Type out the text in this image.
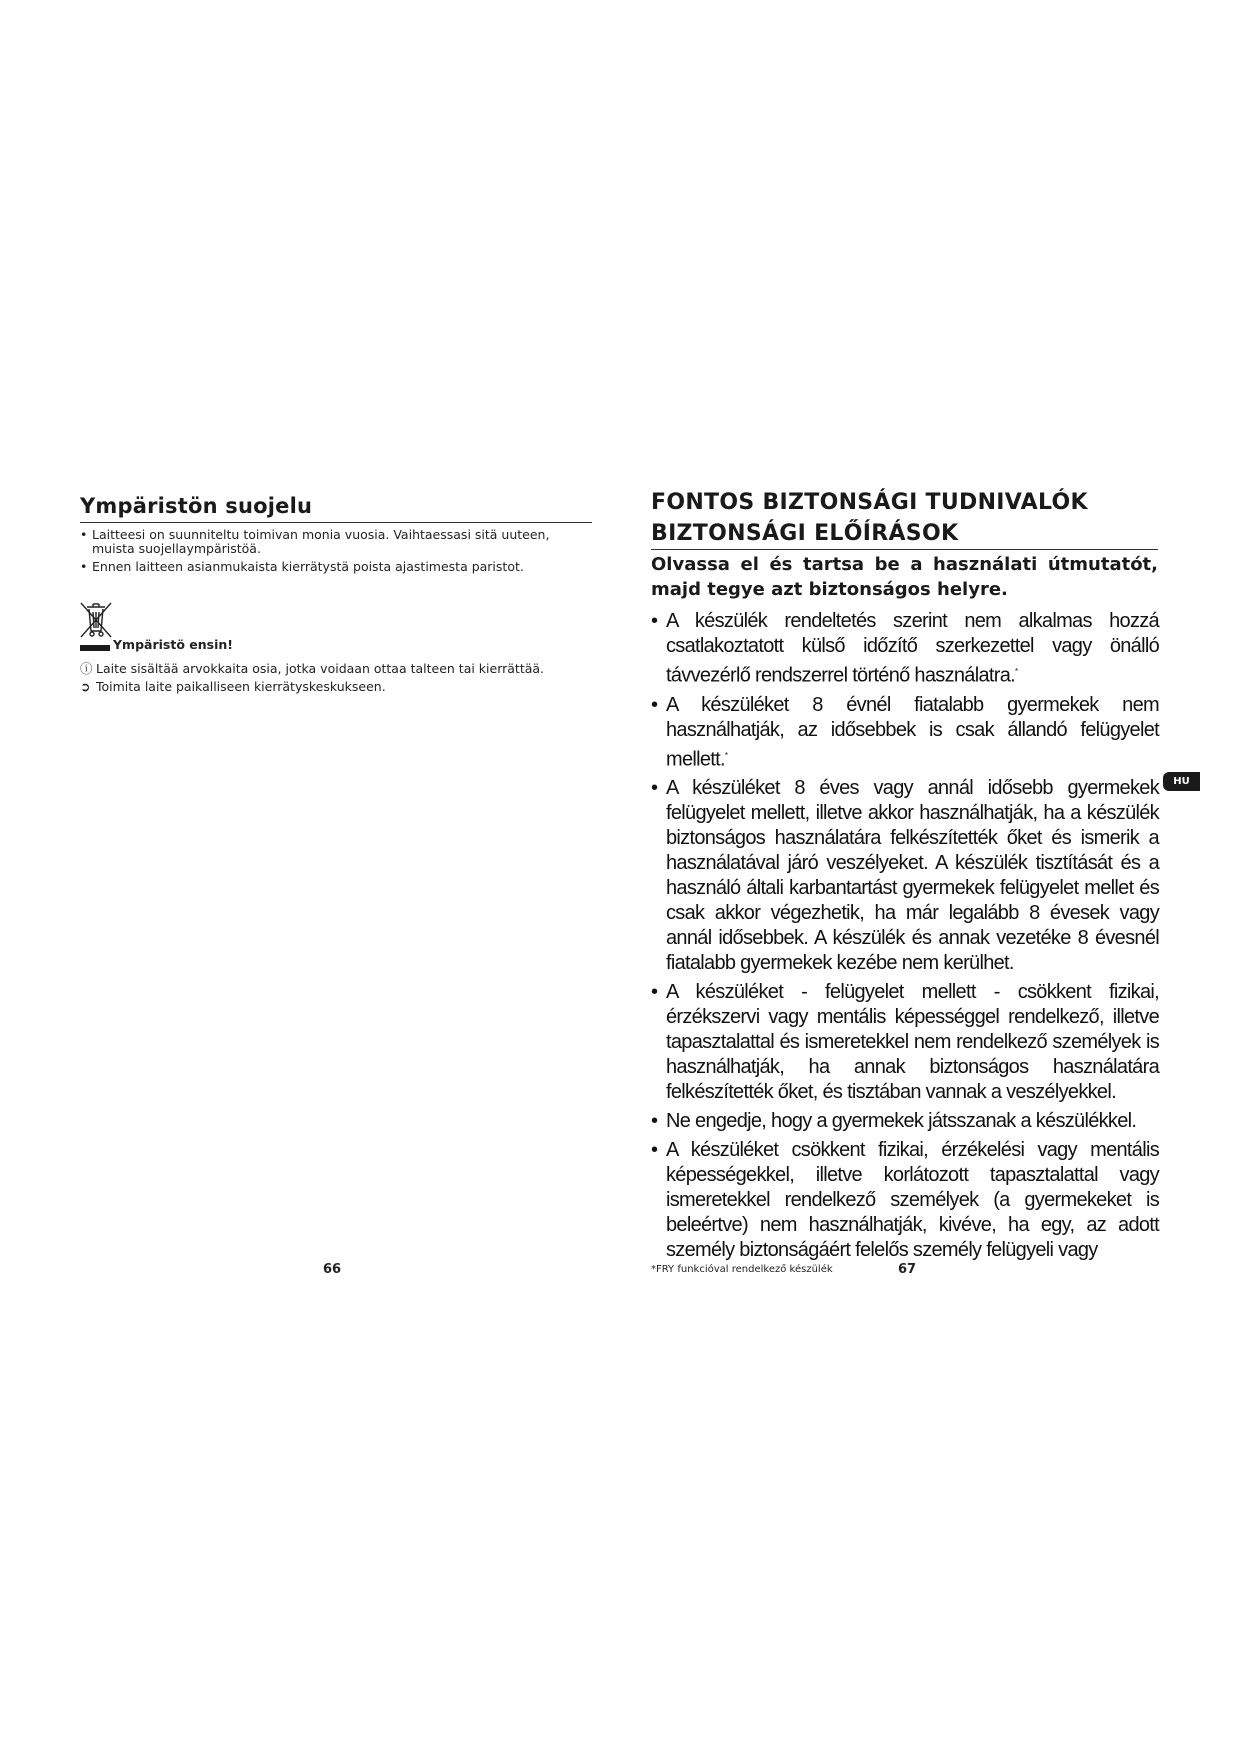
Ympäristön suojelu
• Laitteesi on suunniteltu toimivan monia vuosia. Vaihtaessasi sitä uuteen, muista suojellaympäristöä.
• Ennen laitteen asianmukaista kierrätystä poista ajastimesta paristot.
Ympäristö ensin!
ⓘ Laite sisältää arvokkaita osia, jotka voidaan ottaa talteen tai kierrättää.
➲ Toimita laite paikalliseen kierrätyskeskukseen.
66
FONTOS BIZTONSÁGI TUDNIVALÓK
BIZTONSÁGI ELŐÍRÁSOK
Olvassa el és tartsa be a használati útmutatót, majd tegye azt biztonságos helyre.
• A készülék rendeltetés szerint nem alkalmas hozzá csatlakoztatott külső időzítő szerkezettel vagy önálló távvezérlő rendszerrel történő használatra.*
• A készüléket 8 évnél fiatalabb gyermekek nem használhatják, az idősebbek is csak állandó felügyelet mellett.*
• A készüléket 8 éves vagy annál idősebb gyermekek felügyelet mellett, illetve akkor használhatják, ha a készülék biztonságos használatára felkészítették őket és ismerik a használatával járó veszélyeket. A készülék tisztítását és a használó általi karbantartást gyermekek felügyelet mellet és csak akkor végezhetik, ha már legalább 8 évesek vagy annál idősebbek. A készülék és annak vezetéke 8 évesnél fiatalabb gyermekek kezébe nem kerülhet.
• A készüléket - felügyelet mellett - csökkent fizikai, érzékszervi vagy mentális képességgel rendelkező, illetve tapasztalattal és ismeretekkel nem rendelkező személyek is használhatják, ha annak biztonságos használatára felkészítették őket, és tisztában vannak a veszélyekkel.
• Ne engedje, hogy a gyermekek játsszanak a készülékkel.
• A készüléket csökkent fizikai, érzékelési vagy mentális képességekkel, illetve korlátozott tapasztalattal vagy ismeretekkel rendelkező személyek (a gyermekeket is beleértve) nem használhatják, kivéve, ha egy, az adott személy biztonságáért felelős személy felügyeli vagy
HU
*FRY funkcióval rendelkező készülék	67
